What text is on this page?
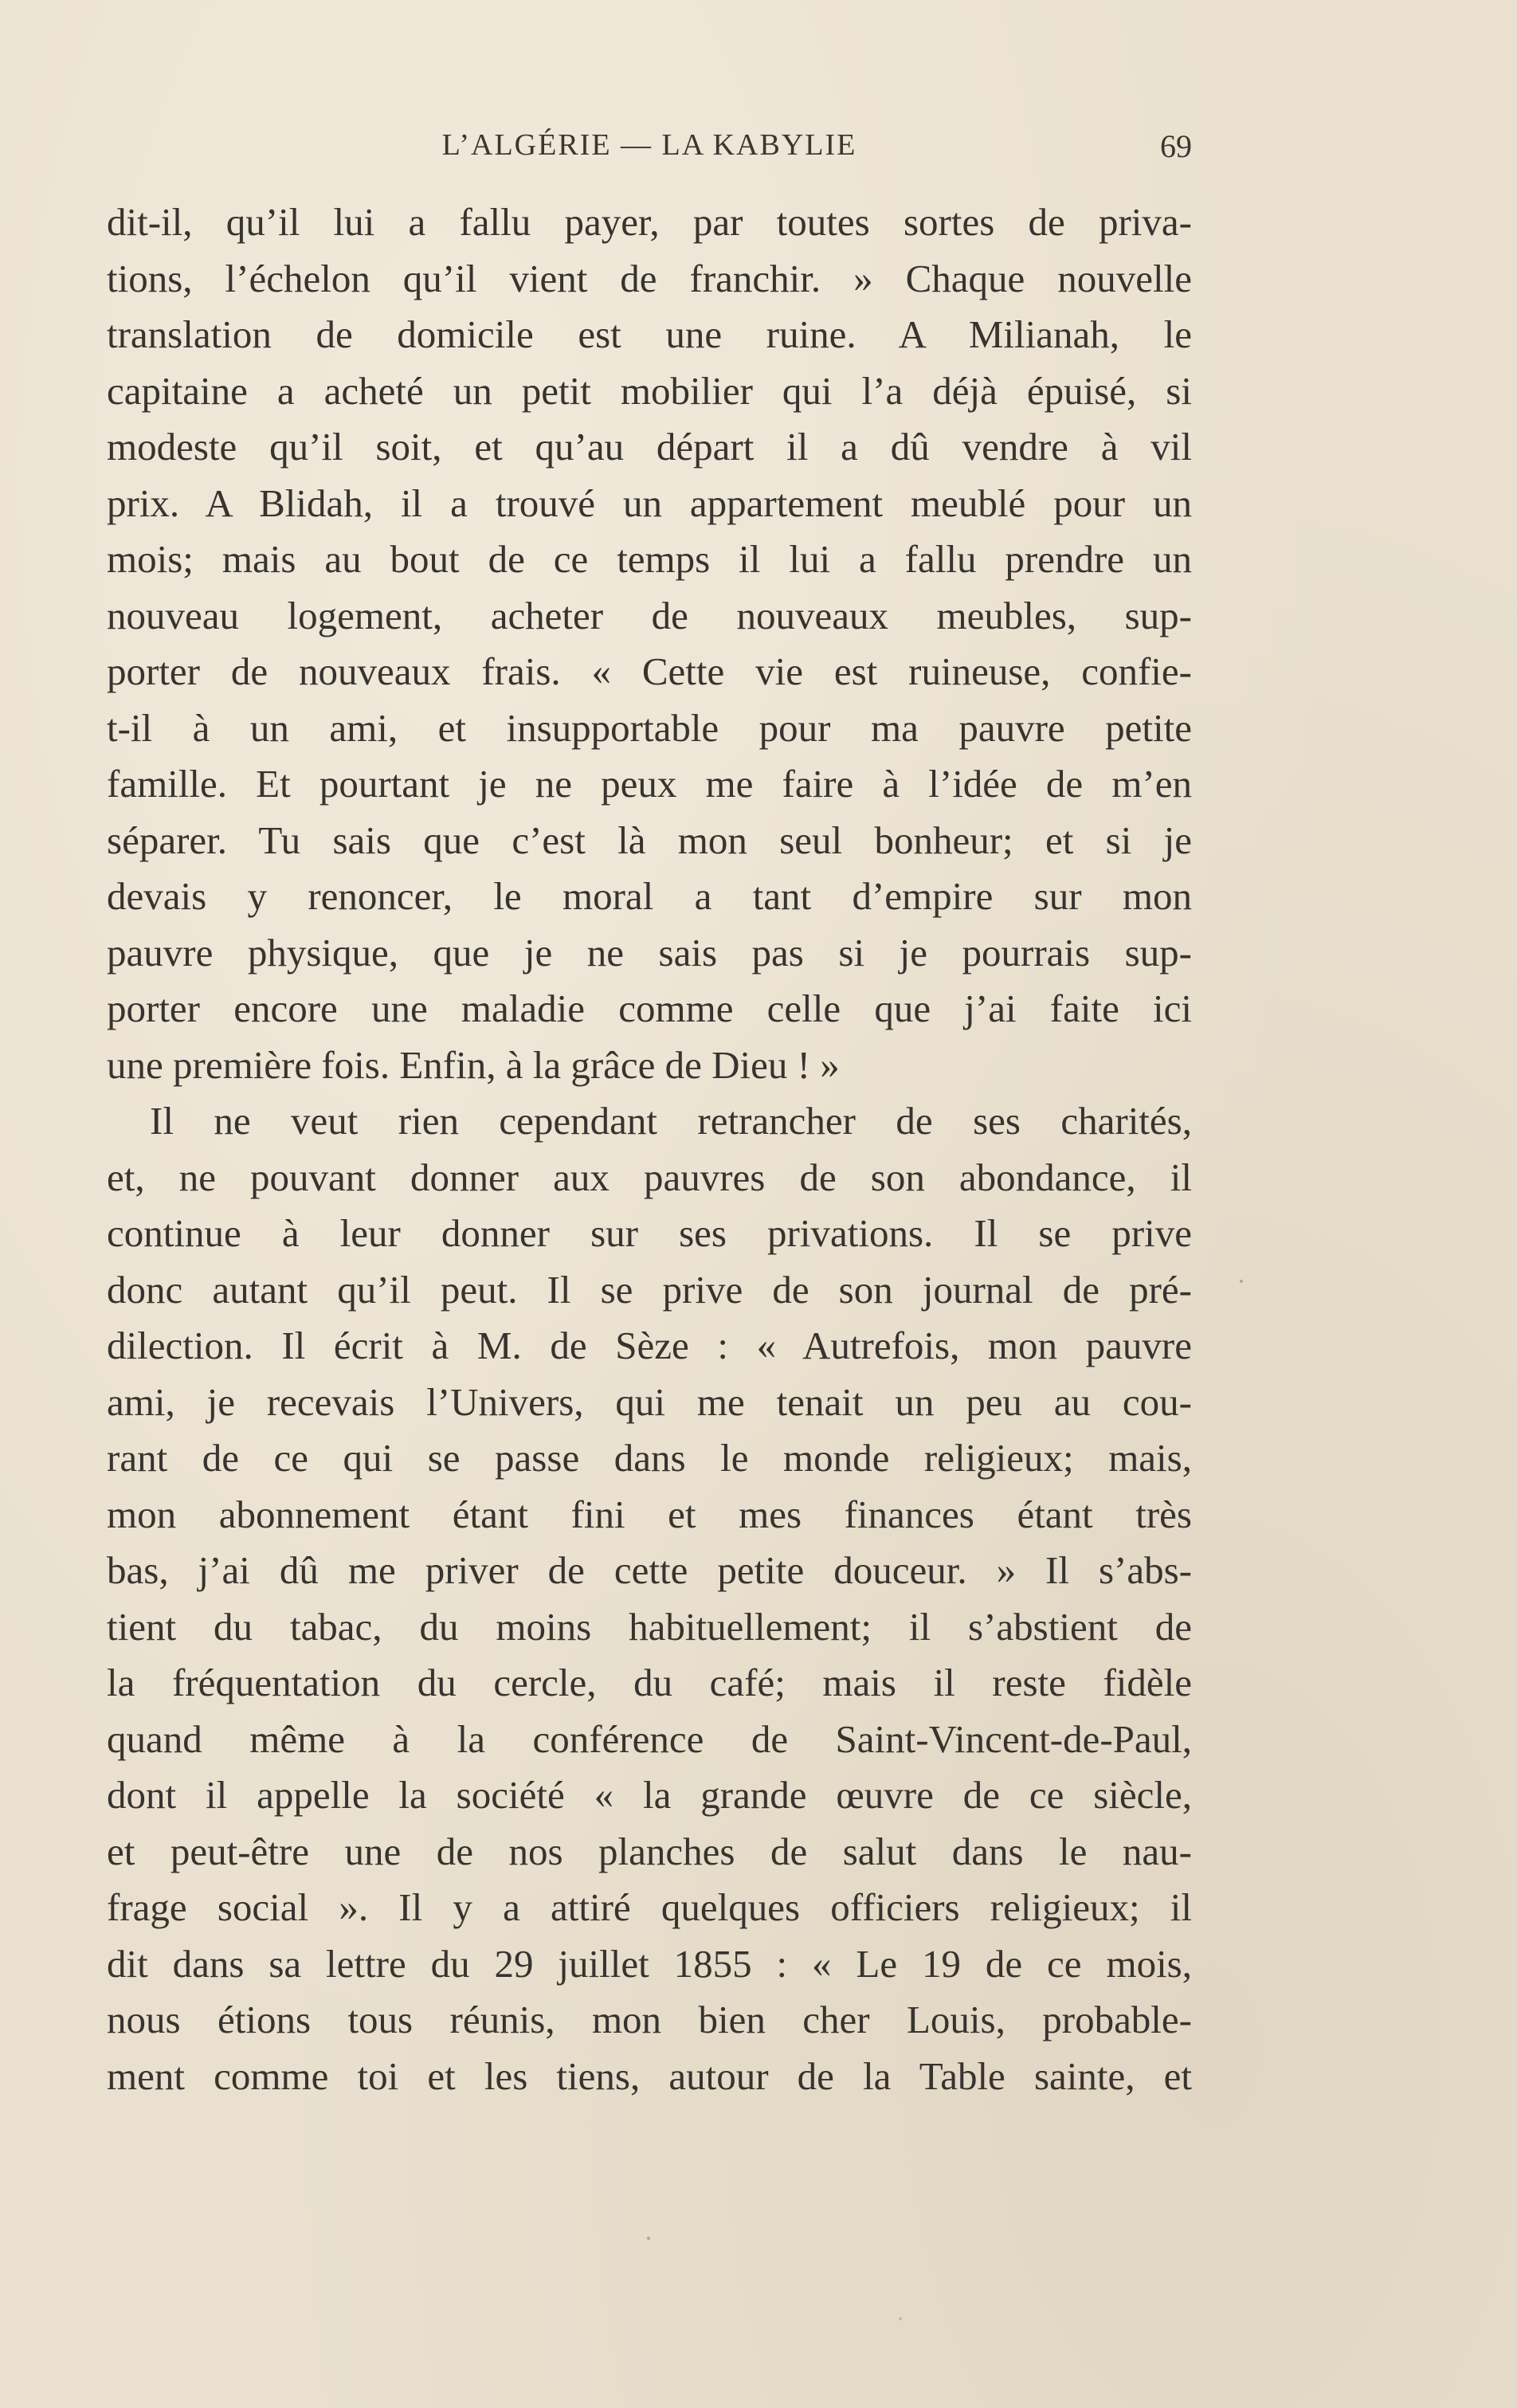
L’ALGÉRIE — LA KABYLIE	69
dit-il, qu’il lui a fallu payer, par toutes sortes de priva-
tions, l’échelon qu’il vient de franchir. » Chaque nouvelle
translation de domicile est une ruine. A Milianah, le
capitaine a acheté un petit mobilier qui l’a déjà épuisé, si
modeste qu’il soit, et qu’au départ il a dû vendre à vil
prix. A Blidah, il a trouvé un appartement meublé pour un
mois; mais au bout de ce temps il lui a fallu prendre un
nouveau logement, acheter de nouveaux meubles, sup-
porter de nouveaux frais. « Cette vie est ruineuse, confie-
t-il à un ami, et insupportable pour ma pauvre petite
famille. Et pourtant je ne peux me faire à l’idée de m’en
séparer. Tu sais que c’est là mon seul bonheur; et si je
devais y renoncer, le moral a tant d’empire sur mon
pauvre physique, que je ne sais pas si je pourrais sup-
porter encore une maladie comme celle que j’ai faite ici
une première fois. Enfin, à la grâce de Dieu ! »
Il ne veut rien cependant retrancher de ses charités,
et, ne pouvant donner aux pauvres de son abondance, il
continue à leur donner sur ses privations. Il se prive
donc autant qu’il peut. Il se prive de son journal de pré-
dilection. Il écrit à M. de Sèze : « Autrefois, mon pauvre
ami, je recevais l’Univers, qui me tenait un peu au cou-
rant de ce qui se passe dans le monde religieux; mais,
mon abonnement étant fini et mes finances étant très
bas, j’ai dû me priver de cette petite douceur. » Il s’abs-
tient du tabac, du moins habituellement; il s’abstient de
la fréquentation du cercle, du café; mais il reste fidèle
quand même à la conférence de Saint-Vincent-de-Paul,
dont il appelle la société « la grande œuvre de ce siècle,
et peut-être une de nos planches de salut dans le nau-
frage social ». Il y a attiré quelques officiers religieux; il
dit dans sa lettre du 29 juillet 1855 : « Le 19 de ce mois,
nous étions tous réunis, mon bien cher Louis, probable-
ment comme toi et les tiens, autour de la Table sainte, et
